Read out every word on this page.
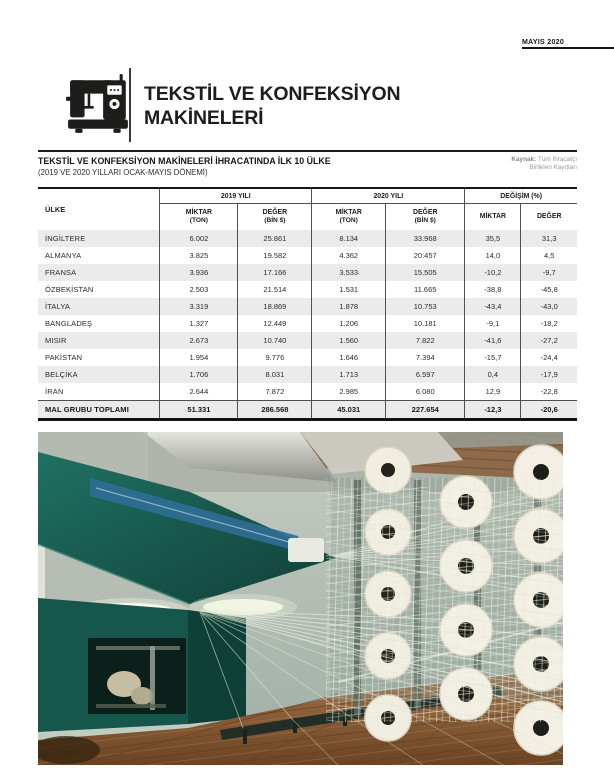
MAYIS 2020
TEKSTİL VE KONFEKSİYON
MAKİNELERİ
TEKSTİL VE KONFEKSİYON MAKİNELERİ İHRACATINDA İLK 10 ÜLKE
(2019 VE 2020 YILLARI OCAK-MAYIS DÖNEMİ)
Kaynak: Tüm İhracatçı
Birlikleri Kayıtları
ÜLKE	2019 YILI		2020 YILI		DEĞİŞİM (%)	
	MİKTAR
(TON)	DEĞER
(BİN $)	MİKTAR
(TON)	DEĞER
(BİN $)	MİKTAR	DEĞER
İNGİLTERE	6.002	25.861	8.134	33.968	35,5	31,3
ALMANYA	3.825	19.582	4.362	20.457	14,0	4,5
FRANSA	3.936	17.166	3.533	15.505	-10,2	-9,7
ÖZBEKİSTAN	2.503	21.514	1.531	11.665	-38,8	-45,8
İTALYA	3.319	18.869	1.878	10.753	-43,4	-43,0
BANGLADEŞ	1.327	12.449	1.206	10.181	-9,1	-18,2
MISIR	2.673	10.740	1.560	7.822	-41,6	-27,2
PAKİSTAN	1.954	9.776	1.646	7.394	-15,7	-24,4
BELÇİKA	1.706	8.031	1.713	6.597	0,4	-17,9
İRAN	2.644	7.872	2.985	6.080	12,9	-22,8
MAL GRUBU TOPLAMI	51.331	286.568	45.031	227.654	-12,3	-20,6
